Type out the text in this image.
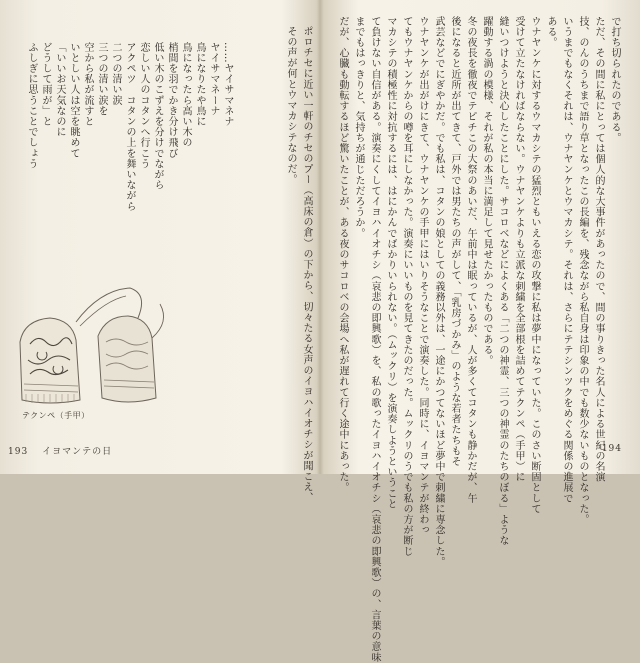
で打ち切られたのである。
ただ、その間に私にとっては個人的な大事件があったので、間の事りきった名人による世紀の名演
技、のんのうちまで語り草となったこの長編を、残念ながら私自身は印象の中でも数少ないものとなった。
いうまでもなくそれは、ウナヤンケとウマカシテ。それは、さらにテテシンツクをめぐる関係の進展で
ある。
ウナヤンケに対するウマカシテの猛烈ともいえる恋の攻撃に私は夢中になっていた。このさい断固として
受けて立たなければならない。ウナヤンケよりも立派な刺繍を全部根を詰めてテクンペ（手甲）に
縫いつけようと決心したことにした。サコロベなどによくある「二つの神霊、三つの神霊のたちのぼる」ような
躍動する渦の模様、それが私の本当に満足して見せたかったものである。
冬の夜長を徹夜でテピチこの大祭のあいだ、午前中は眠っているが、人が多くてコタンも静かだが、午
後になると近所が出てきて、戸外では男たちの声がして、「乳房づかみ」のような若者たちもそ
武芸などでにぎやかだ。でも私は、コタンの娘としての義務以外は、一途にかつてないほど夢中で刺繍に専念した。
ウナヤンケが出がけにきて、ウナヤンケの手甲にはいりそうなことで演奏した。同時に、イヨマンテが終わっ
てもウナヤンケからの噂を耳にしなかった。演奏にいいものを見てきたのだった。ムックリのうでも私の方が断じ
マカシテの積極性に対抗するには、はにかんでばかりいられない。（ムックリ）を演奏しようということ
て負けない自信がある。演奏にくしてイヨハイオチシ（哀悲の即興歌）を、私の歌ったイヨハイオチシ（哀悲の即興歌）の、言葉の意味
までもはっきりと、気持ちが通じただろうか。
だが、心臓も動転するほど驚いたことが、ある夜のサコロベの会場へ私が遅れて行く途中にあった。	194
ポロチセに近い一軒のチセのプー（高床の倉）の下から、切々たる女声のイヨハイオチシが聞こえ、
その声が何とウマカシテなのだ。
……ヤイサマネナ
ヤイサマネーナ
鳥になりたや鳥に
鳥になったら高い木の
梢間を羽でかき分け飛び
低い木のこずえを分けでながら
恋しい人のコタンへ行こう
アクペツ　コタンの上を舞いながら
二つの清い涙
三つの清い涙を
空から私が流すと
いとしい人は空を眺めて
「いいお天気なのに
どうして雨が」と
ふしぎに思うことでしょう
テクンペ（手甲）
193 イヨマンテの日
